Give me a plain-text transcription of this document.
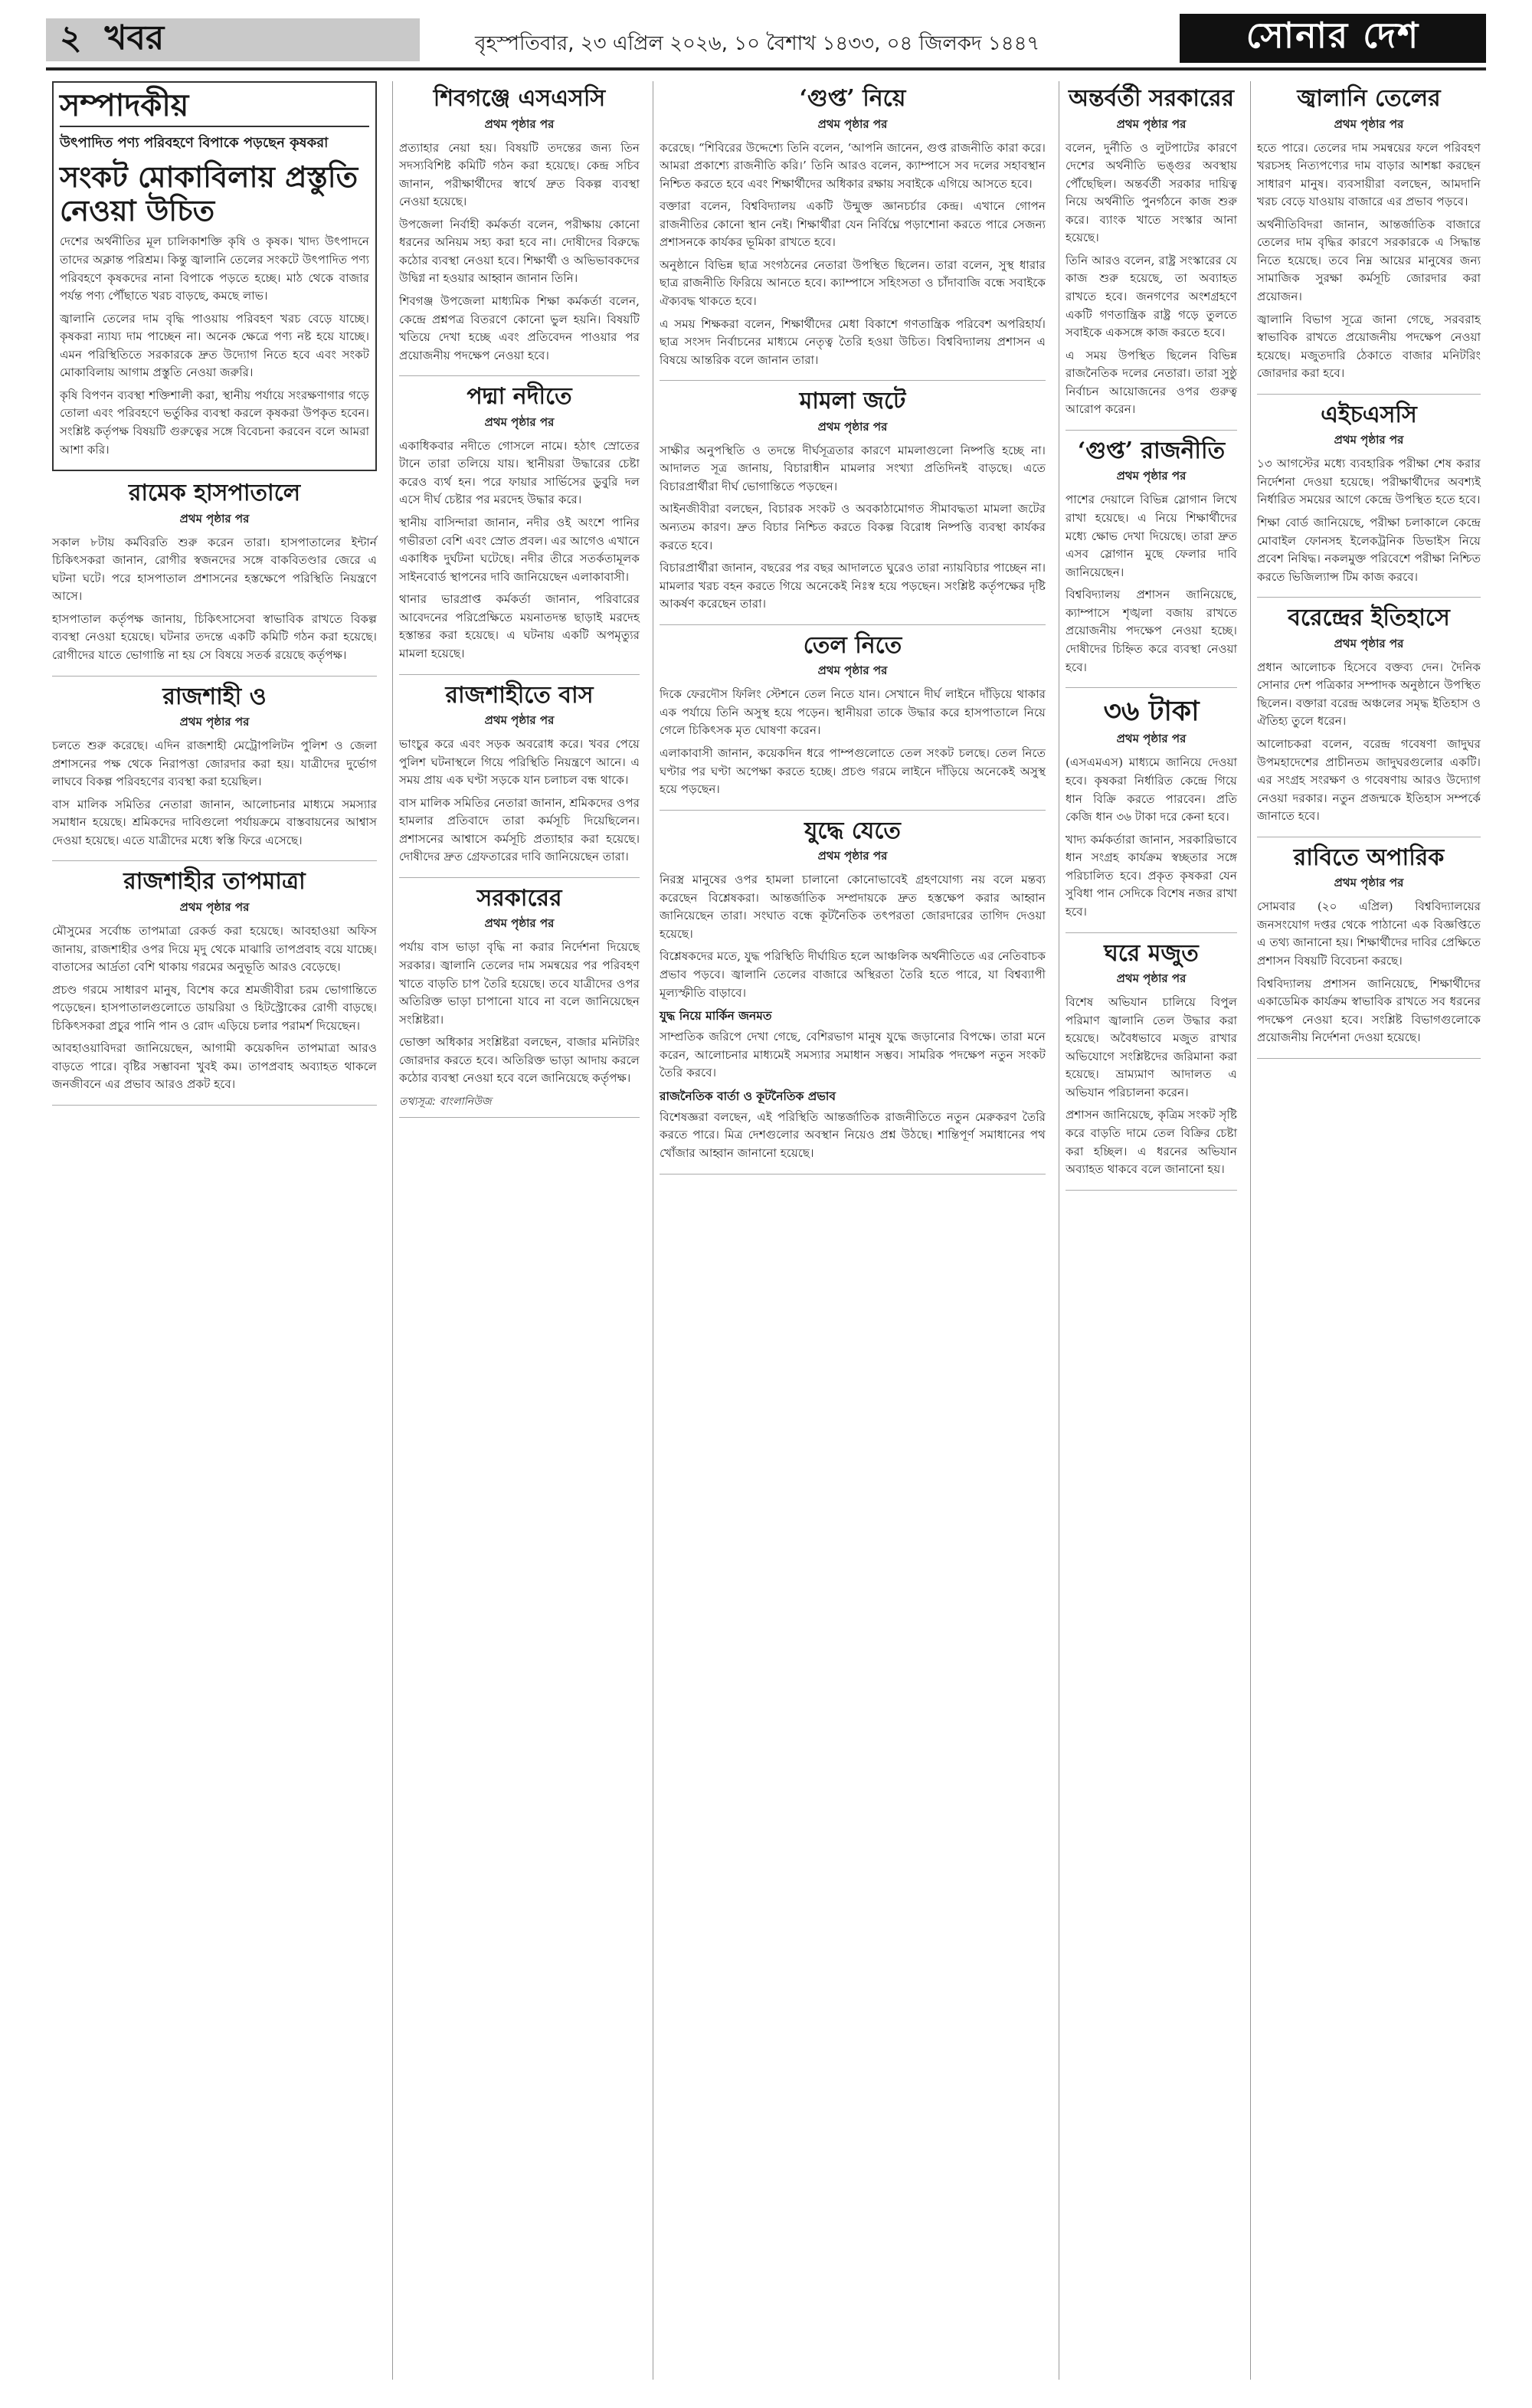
২ খবর	বৃহস্পতিবার, ২৩ এপ্রিল ২০২৬, ১০ বৈশাখ ১৪৩৩, ০৪ জিলকদ ১৪৪৭	সোনার দেশ
সম্পাদকীয়
উৎপাদিত পণ্য পরিবহণে বিপাকে পড়ছেন কৃষকরা
সংকট মোকাবিলায় প্রস্তুতি নেওয়া উচিত

দেশের অর্থনীতির মূল চালিকাশক্তি কৃষি ও কৃষক। খাদ্য উৎপাদনে তাদের অক্লান্ত পরিশ্রম। কিন্তু জ্বালানি তেলের সংকটে উৎপাদিত পণ্য পরিবহণে কৃষকদের নানা বিপাকে পড়তে হচ্ছে। মাঠ থেকে বাজার পর্যন্ত পণ্য পৌঁছাতে খরচ বাড়ছে, কমছে লাভ।

জ্বালানি তেলের দাম বৃদ্ধি পাওয়ায় পরিবহণ খরচ বেড়ে যাচ্ছে। কৃষকরা ন্যায্য দাম পাচ্ছেন না। অনেক ক্ষেত্রে পণ্য নষ্ট হয়ে যাচ্ছে। এমন পরিস্থিতিতে সরকারকে দ্রুত উদ্যোগ নিতে হবে এবং সংকট মোকাবিলায় আগাম প্রস্তুতি নেওয়া জরুরি।

কৃষি বিপণন ব্যবস্থা শক্তিশালী করা, স্থানীয় পর্যায়ে সংরক্ষণাগার গড়ে তোলা এবং পরিবহণে ভর্তুকির ব্যবস্থা করলে কৃষকরা উপকৃত হবেন। সংশ্লিষ্ট কর্তৃপক্ষ বিষয়টি গুরুত্বের সঙ্গে বিবেচনা করবেন বলে আমরা আশা করি।

রামেক হাসপাতালে
প্রথম পৃষ্ঠার পর

সকাল ৮টায় কর্মবিরতি শুরু করেন তারা। হাসপাতালের ইন্টার্ন চিকিৎসকরা জানান, রোগীর স্বজনদের সঙ্গে বাকবিতণ্ডার জেরে এ ঘটনা ঘটে। পরে হাসপাতাল প্রশাসনের হস্তক্ষেপে পরিস্থিতি নিয়ন্ত্রণে আসে।

হাসপাতাল কর্তৃপক্ষ জানায়, চিকিৎসাসেবা স্বাভাবিক রাখতে বিকল্প ব্যবস্থা নেওয়া হয়েছে। ঘটনার তদন্তে একটি কমিটি গঠন করা হয়েছে। রোগীদের যাতে ভোগান্তি না হয় সে বিষয়ে সতর্ক রয়েছে কর্তৃপক্ষ।

রাজশাহী ও
প্রথম পৃষ্ঠার পর

চলতে শুরু করেছে। এদিন রাজশাহী মেট্রোপলিটন পুলিশ ও জেলা প্রশাসনের পক্ষ থেকে নিরাপত্তা জোরদার করা হয়। যাত্রীদের দুর্ভোগ লাঘবে বিকল্প পরিবহণের ব্যবস্থা করা হয়েছিল।

বাস মালিক সমিতির নেতারা জানান, আলোচনার মাধ্যমে সমস্যার সমাধান হয়েছে। শ্রমিকদের দাবিগুলো পর্যায়ক্রমে বাস্তবায়নের আশ্বাস দেওয়া হয়েছে। এতে যাত্রীদের মধ্যে স্বস্তি ফিরে এসেছে।

রাজশাহীর তাপমাত্রা
প্রথম পৃষ্ঠার পর

মৌসুমের সর্বোচ্চ তাপমাত্রা রেকর্ড করা হয়েছে। আবহাওয়া অফিস জানায়, রাজশাহীর ওপর দিয়ে মৃদু থেকে মাঝারি তাপপ্রবাহ বয়ে যাচ্ছে। বাতাসের আর্দ্রতা বেশি থাকায় গরমের অনুভূতি আরও বেড়েছে।

প্রচণ্ড গরমে সাধারণ মানুষ, বিশেষ করে শ্রমজীবীরা চরম ভোগান্তিতে পড়েছেন। হাসপাতালগুলোতে ডায়রিয়া ও হিটস্ট্রোকের রোগী বাড়ছে। চিকিৎসকরা প্রচুর পানি পান ও রোদ এড়িয়ে চলার পরামর্শ দিয়েছেন।

আবহাওয়াবিদরা জানিয়েছেন, আগামী কয়েকদিন তাপমাত্রা আরও বাড়তে পারে। বৃষ্টির সম্ভাবনা খুবই কম। তাপপ্রবাহ অব্যাহত থাকলে জনজীবনে এর প্রভাব আরও প্রকট হবে।

শিবগঞ্জে এসএসসি
প্রথম পৃষ্ঠার পর

প্রত্যাহার নেয়া হয়। বিষয়টি তদন্তের জন্য তিন সদস্যবিশিষ্ট কমিটি গঠন করা হয়েছে। কেন্দ্র সচিব জানান, পরীক্ষার্থীদের স্বার্থে দ্রুত বিকল্প ব্যবস্থা নেওয়া হয়েছে।

উপজেলা নির্বাহী কর্মকর্তা বলেন, পরীক্ষায় কোনো ধরনের অনিয়ম সহ্য করা হবে না। দোষীদের বিরুদ্ধে কঠোর ব্যবস্থা নেওয়া হবে। শিক্ষার্থী ও অভিভাবকদের উদ্বিগ্ন না হওয়ার আহ্বান জানান তিনি।

শিবগঞ্জ উপজেলা মাধ্যমিক শিক্ষা কর্মকর্তা বলেন, কেন্দ্রে প্রশ্নপত্র বিতরণে কোনো ভুল হয়নি। বিষয়টি খতিয়ে দেখা হচ্ছে এবং প্রতিবেদন পাওয়ার পর প্রয়োজনীয় পদক্ষেপ নেওয়া হবে।

পদ্মা নদীতে
প্রথম পৃষ্ঠার পর

একাধিকবার নদীতে গোসলে নামে। হঠাৎ স্রোতের টানে তারা তলিয়ে যায়। স্থানীয়রা উদ্ধারের চেষ্টা করেও ব্যর্থ হন। পরে ফায়ার সার্ভিসের ডুবুরি দল এসে দীর্ঘ চেষ্টার পর মরদেহ উদ্ধার করে।

স্থানীয় বাসিন্দারা জানান, নদীর ওই অংশে পানির গভীরতা বেশি এবং স্রোত প্রবল। এর আগেও এখানে একাধিক দুর্ঘটনা ঘটেছে। নদীর তীরে সতর্কতামূলক সাইনবোর্ড স্থাপনের দাবি জানিয়েছেন এলাকাবাসী।

থানার ভারপ্রাপ্ত কর্মকর্তা জানান, পরিবারের আবেদনের পরিপ্রেক্ষিতে ময়নাতদন্ত ছাড়াই মরদেহ হস্তান্তর করা হয়েছে। এ ঘটনায় একটি অপমৃত্যুর মামলা হয়েছে।

রাজশাহীতে বাস
প্রথম পৃষ্ঠার পর

ভাংচুর করে এবং সড়ক অবরোধ করে। খবর পেয়ে পুলিশ ঘটনাস্থলে গিয়ে পরিস্থিতি নিয়ন্ত্রণে আনে। এ সময় প্রায় এক ঘণ্টা সড়কে যান চলাচল বন্ধ থাকে।

বাস মালিক সমিতির নেতারা জানান, শ্রমিকদের ওপর হামলার প্রতিবাদে তারা কর্মসূচি দিয়েছিলেন। প্রশাসনের আশ্বাসে কর্মসূচি প্রত্যাহার করা হয়েছে। দোষীদের দ্রুত গ্রেফতারের দাবি জানিয়েছেন তারা।

সরকারের
প্রথম পৃষ্ঠার পর

পর্যায় বাস ভাড়া বৃদ্ধি না করার নির্দেশনা দিয়েছে সরকার। জ্বালানি তেলের দাম সমন্বয়ের পর পরিবহণ খাতে বাড়তি চাপ তৈরি হয়েছে। তবে যাত্রীদের ওপর অতিরিক্ত ভাড়া চাপানো যাবে না বলে জানিয়েছেন সংশ্লিষ্টরা।

ভোক্তা অধিকার সংশ্লিষ্টরা বলছেন, বাজার মনিটরিং জোরদার করতে হবে। অতিরিক্ত ভাড়া আদায় করলে কঠোর ব্যবস্থা নেওয়া হবে বলে জানিয়েছে কর্তৃপক্ষ।

তথ্যসূত্র: বাংলানিউজ
‘গুপ্ত’ নিয়ে
প্রথম পৃষ্ঠার পর

করেছে। “শিবিরের উদ্দেশ্যে তিনি বলেন, ‘আপনি জানেন, গুপ্ত রাজনীতি কারা করে। আমরা প্রকাশ্যে রাজনীতি করি।’ তিনি আরও বলেন, ক্যাম্পাসে সব দলের সহাবস্থান নিশ্চিত করতে হবে এবং শিক্ষার্থীদের অধিকার রক্ষায় সবাইকে এগিয়ে আসতে হবে।

বক্তারা বলেন, বিশ্ববিদ্যালয় একটি উন্মুক্ত জ্ঞানচর্চার কেন্দ্র। এখানে গোপন রাজনীতির কোনো স্থান নেই। শিক্ষার্থীরা যেন নির্বিঘ্নে পড়াশোনা করতে পারে সেজন্য প্রশাসনকে কার্যকর ভূমিকা রাখতে হবে।

অনুষ্ঠানে বিভিন্ন ছাত্র সংগঠনের নেতারা উপস্থিত ছিলেন। তারা বলেন, সুস্থ ধারার ছাত্র রাজনীতি ফিরিয়ে আনতে হবে। ক্যাম্পাসে সহিংসতা ও চাঁদাবাজি বন্ধে সবাইকে ঐক্যবদ্ধ থাকতে হবে।

এ সময় শিক্ষকরা বলেন, শিক্ষার্থীদের মেধা বিকাশে গণতান্ত্রিক পরিবেশ অপরিহার্য। ছাত্র সংসদ নির্বাচনের মাধ্যমে নেতৃত্ব তৈরি হওয়া উচিত। বিশ্ববিদ্যালয় প্রশাসন এ বিষয়ে আন্তরিক বলে জানান তারা।

মামলা জটে
প্রথম পৃষ্ঠার পর

সাক্ষীর অনুপস্থিতি ও তদন্তে দীর্ঘসূত্রতার কারণে মামলাগুলো নিষ্পত্তি হচ্ছে না। আদালত সূত্র জানায়, বিচারাধীন মামলার সংখ্যা প্রতিদিনই বাড়ছে। এতে বিচারপ্রার্থীরা দীর্ঘ ভোগান্তিতে পড়ছেন।

আইনজীবীরা বলছেন, বিচারক সংকট ও অবকাঠামোগত সীমাবদ্ধতা মামলা জটের অন্যতম কারণ। দ্রুত বিচার নিশ্চিত করতে বিকল্প বিরোধ নিষ্পত্তি ব্যবস্থা কার্যকর করতে হবে।

বিচারপ্রার্থীরা জানান, বছরের পর বছর আদালতে ঘুরেও তারা ন্যায়বিচার পাচ্ছেন না। মামলার খরচ বহন করতে গিয়ে অনেকেই নিঃস্ব হয়ে পড়ছেন। সংশ্লিষ্ট কর্তৃপক্ষের দৃষ্টি আকর্ষণ করেছেন তারা।

তেল নিতে
প্রথম পৃষ্ঠার পর

দিকে ফেরদৌস ফিলিং স্টেশনে তেল নিতে যান। সেখানে দীর্ঘ লাইনে দাঁড়িয়ে থাকার এক পর্যায়ে তিনি অসুস্থ হয়ে পড়েন। স্থানীয়রা তাকে উদ্ধার করে হাসপাতালে নিয়ে গেলে চিকিৎসক মৃত ঘোষণা করেন।

এলাকাবাসী জানান, কয়েকদিন ধরে পাম্পগুলোতে তেল সংকট চলছে। তেল নিতে ঘণ্টার পর ঘণ্টা অপেক্ষা করতে হচ্ছে। প্রচণ্ড গরমে লাইনে দাঁড়িয়ে অনেকেই অসুস্থ হয়ে পড়ছেন।

যুদ্ধে যেতে
প্রথম পৃষ্ঠার পর

নিরস্ত্র মানুষের ওপর হামলা চালানো কোনোভাবেই গ্রহণযোগ্য নয় বলে মন্তব্য করেছেন বিশ্লেষকরা। আন্তর্জাতিক সম্প্রদায়কে দ্রুত হস্তক্ষেপ করার আহ্বান জানিয়েছেন তারা। সংঘাত বন্ধে কূটনৈতিক তৎপরতা জোরদারের তাগিদ দেওয়া হয়েছে।

বিশ্লেষকদের মতে, যুদ্ধ পরিস্থিতি দীর্ঘায়িত হলে আঞ্চলিক অর্থনীতিতে এর নেতিবাচক প্রভাব পড়বে। জ্বালানি তেলের বাজারে অস্থিরতা তৈরি হতে পারে, যা বিশ্বব্যাপী মূল্যস্ফীতি বাড়াবে।

যুদ্ধ নিয়ে মার্কিন জনমত

সাম্প্রতিক জরিপে দেখা গেছে, বেশিরভাগ মানুষ যুদ্ধে জড়ানোর বিপক্ষে। তারা মনে করেন, আলোচনার মাধ্যমেই সমস্যার সমাধান সম্ভব। সামরিক পদক্ষেপ নতুন সংকট তৈরি করবে।

রাজনৈতিক বার্তা ও কূটনৈতিক প্রভাব

বিশেষজ্ঞরা বলছেন, এই পরিস্থিতি আন্তর্জাতিক রাজনীতিতে নতুন মেরুকরণ তৈরি করতে পারে। মিত্র দেশগুলোর অবস্থান নিয়েও প্রশ্ন উঠছে। শান্তিপূর্ণ সমাধানের পথ খোঁজার আহ্বান জানানো হয়েছে।

অন্তর্বর্তী সরকারের
প্রথম পৃষ্ঠার পর

বলেন, দুর্নীতি ও লুটপাটের কারণে দেশের অর্থনীতি ভঙ্গুর অবস্থায় পৌঁছেছিল। অন্তর্বর্তী সরকার দায়িত্ব নিয়ে অর্থনীতি পুনর্গঠনে কাজ শুরু করে। ব্যাংক খাতে সংস্কার আনা হয়েছে।

তিনি আরও বলেন, রাষ্ট্র সংস্কারের যে কাজ শুরু হয়েছে, তা অব্যাহত রাখতে হবে। জনগণের অংশগ্রহণে একটি গণতান্ত্রিক রাষ্ট্র গড়ে তুলতে সবাইকে একসঙ্গে কাজ করতে হবে।

এ সময় উপস্থিত ছিলেন বিভিন্ন রাজনৈতিক দলের নেতারা। তারা সুষ্ঠু নির্বাচন আয়োজনের ওপর গুরুত্ব আরোপ করেন।

‘গুপ্ত’ রাজনীতি
প্রথম পৃষ্ঠার পর

পাশের দেয়ালে বিভিন্ন স্লোগান লিখে রাখা হয়েছে। এ নিয়ে শিক্ষার্থীদের মধ্যে ক্ষোভ দেখা দিয়েছে। তারা দ্রুত এসব স্লোগান মুছে ফেলার দাবি জানিয়েছেন।

বিশ্ববিদ্যালয় প্রশাসন জানিয়েছে, ক্যাম্পাসে শৃঙ্খলা বজায় রাখতে প্রয়োজনীয় পদক্ষেপ নেওয়া হচ্ছে। দোষীদের চিহ্নিত করে ব্যবস্থা নেওয়া হবে।

৩৬ টাকা
প্রথম পৃষ্ঠার পর

(এসএমএস) মাধ্যমে জানিয়ে দেওয়া হবে। কৃষকরা নির্ধারিত কেন্দ্রে গিয়ে ধান বিক্রি করতে পারবেন। প্রতি কেজি ধান ৩৬ টাকা দরে কেনা হবে।

খাদ্য কর্মকর্তারা জানান, সরকারিভাবে ধান সংগ্রহ কার্যক্রম স্বচ্ছতার সঙ্গে পরিচালিত হবে। প্রকৃত কৃষকরা যেন সুবিধা পান সেদিকে বিশেষ নজর রাখা হবে।

ঘরে মজুত
প্রথম পৃষ্ঠার পর

বিশেষ অভিযান চালিয়ে বিপুল পরিমাণ জ্বালানি তেল উদ্ধার করা হয়েছে। অবৈধভাবে মজুত রাখার অভিযোগে সংশ্লিষ্টদের জরিমানা করা হয়েছে। ভ্রাম্যমাণ আদালত এ অভিযান পরিচালনা করেন।

প্রশাসন জানিয়েছে, কৃত্রিম সংকট সৃষ্টি করে বাড়তি দামে তেল বিক্রির চেষ্টা করা হচ্ছিল। এ ধরনের অভিযান অব্যাহত থাকবে বলে জানানো হয়।

জ্বালানি তেলের
প্রথম পৃষ্ঠার পর

হতে পারে। তেলের দাম সমন্বয়ের ফলে পরিবহণ খরচসহ নিত্যপণ্যের দাম বাড়ার আশঙ্কা করছেন সাধারণ মানুষ। ব্যবসায়ীরা বলছেন, আমদানি খরচ বেড়ে যাওয়ায় বাজারে এর প্রভাব পড়বে।

অর্থনীতিবিদরা জানান, আন্তর্জাতিক বাজারে তেলের দাম বৃদ্ধির কারণে সরকারকে এ সিদ্ধান্ত নিতে হয়েছে। তবে নিম্ন আয়ের মানুষের জন্য সামাজিক সুরক্ষা কর্মসূচি জোরদার করা প্রয়োজন।

জ্বালানি বিভাগ সূত্রে জানা গেছে, সরবরাহ স্বাভাবিক রাখতে প্রয়োজনীয় পদক্ষেপ নেওয়া হয়েছে। মজুতদারি ঠেকাতে বাজার মনিটরিং জোরদার করা হবে।

এইচএসসি
প্রথম পৃষ্ঠার পর

১৩ আগস্টের মধ্যে ব্যবহারিক পরীক্ষা শেষ করার নির্দেশনা দেওয়া হয়েছে। পরীক্ষার্থীদের অবশ্যই নির্ধারিত সময়ের আগে কেন্দ্রে উপস্থিত হতে হবে।

শিক্ষা বোর্ড জানিয়েছে, পরীক্ষা চলাকালে কেন্দ্রে মোবাইল ফোনসহ ইলেকট্রনিক ডিভাইস নিয়ে প্রবেশ নিষিদ্ধ। নকলমুক্ত পরিবেশে পরীক্ষা নিশ্চিত করতে ভিজিল্যান্স টিম কাজ করবে।

বরেন্দ্রের ইতিহাসে
প্রথম পৃষ্ঠার পর

প্রধান আলোচক হিসেবে বক্তব্য দেন। দৈনিক সোনার দেশ পত্রিকার সম্পাদক অনুষ্ঠানে উপস্থিত ছিলেন। বক্তারা বরেন্দ্র অঞ্চলের সমৃদ্ধ ইতিহাস ও ঐতিহ্য তুলে ধরেন।

আলোচকরা বলেন, বরেন্দ্র গবেষণা জাদুঘর উপমহাদেশের প্রাচীনতম জাদুঘরগুলোর একটি। এর সংগ্রহ সংরক্ষণ ও গবেষণায় আরও উদ্যোগ নেওয়া দরকার। নতুন প্রজন্মকে ইতিহাস সম্পর্কে জানাতে হবে।

রাবিতে অপারিক
প্রথম পৃষ্ঠার পর

সোমবার (২০ এপ্রিল) বিশ্ববিদ্যালয়ের জনসংযোগ দপ্তর থেকে পাঠানো এক বিজ্ঞপ্তিতে এ তথ্য জানানো হয়। শিক্ষার্থীদের দাবির প্রেক্ষিতে প্রশাসন বিষয়টি বিবেচনা করছে।

বিশ্ববিদ্যালয় প্রশাসন জানিয়েছে, শিক্ষার্থীদের একাডেমিক কার্যক্রম স্বাভাবিক রাখতে সব ধরনের পদক্ষেপ নেওয়া হবে। সংশ্লিষ্ট বিভাগগুলোকে প্রয়োজনীয় নির্দেশনা দেওয়া হয়েছে।
